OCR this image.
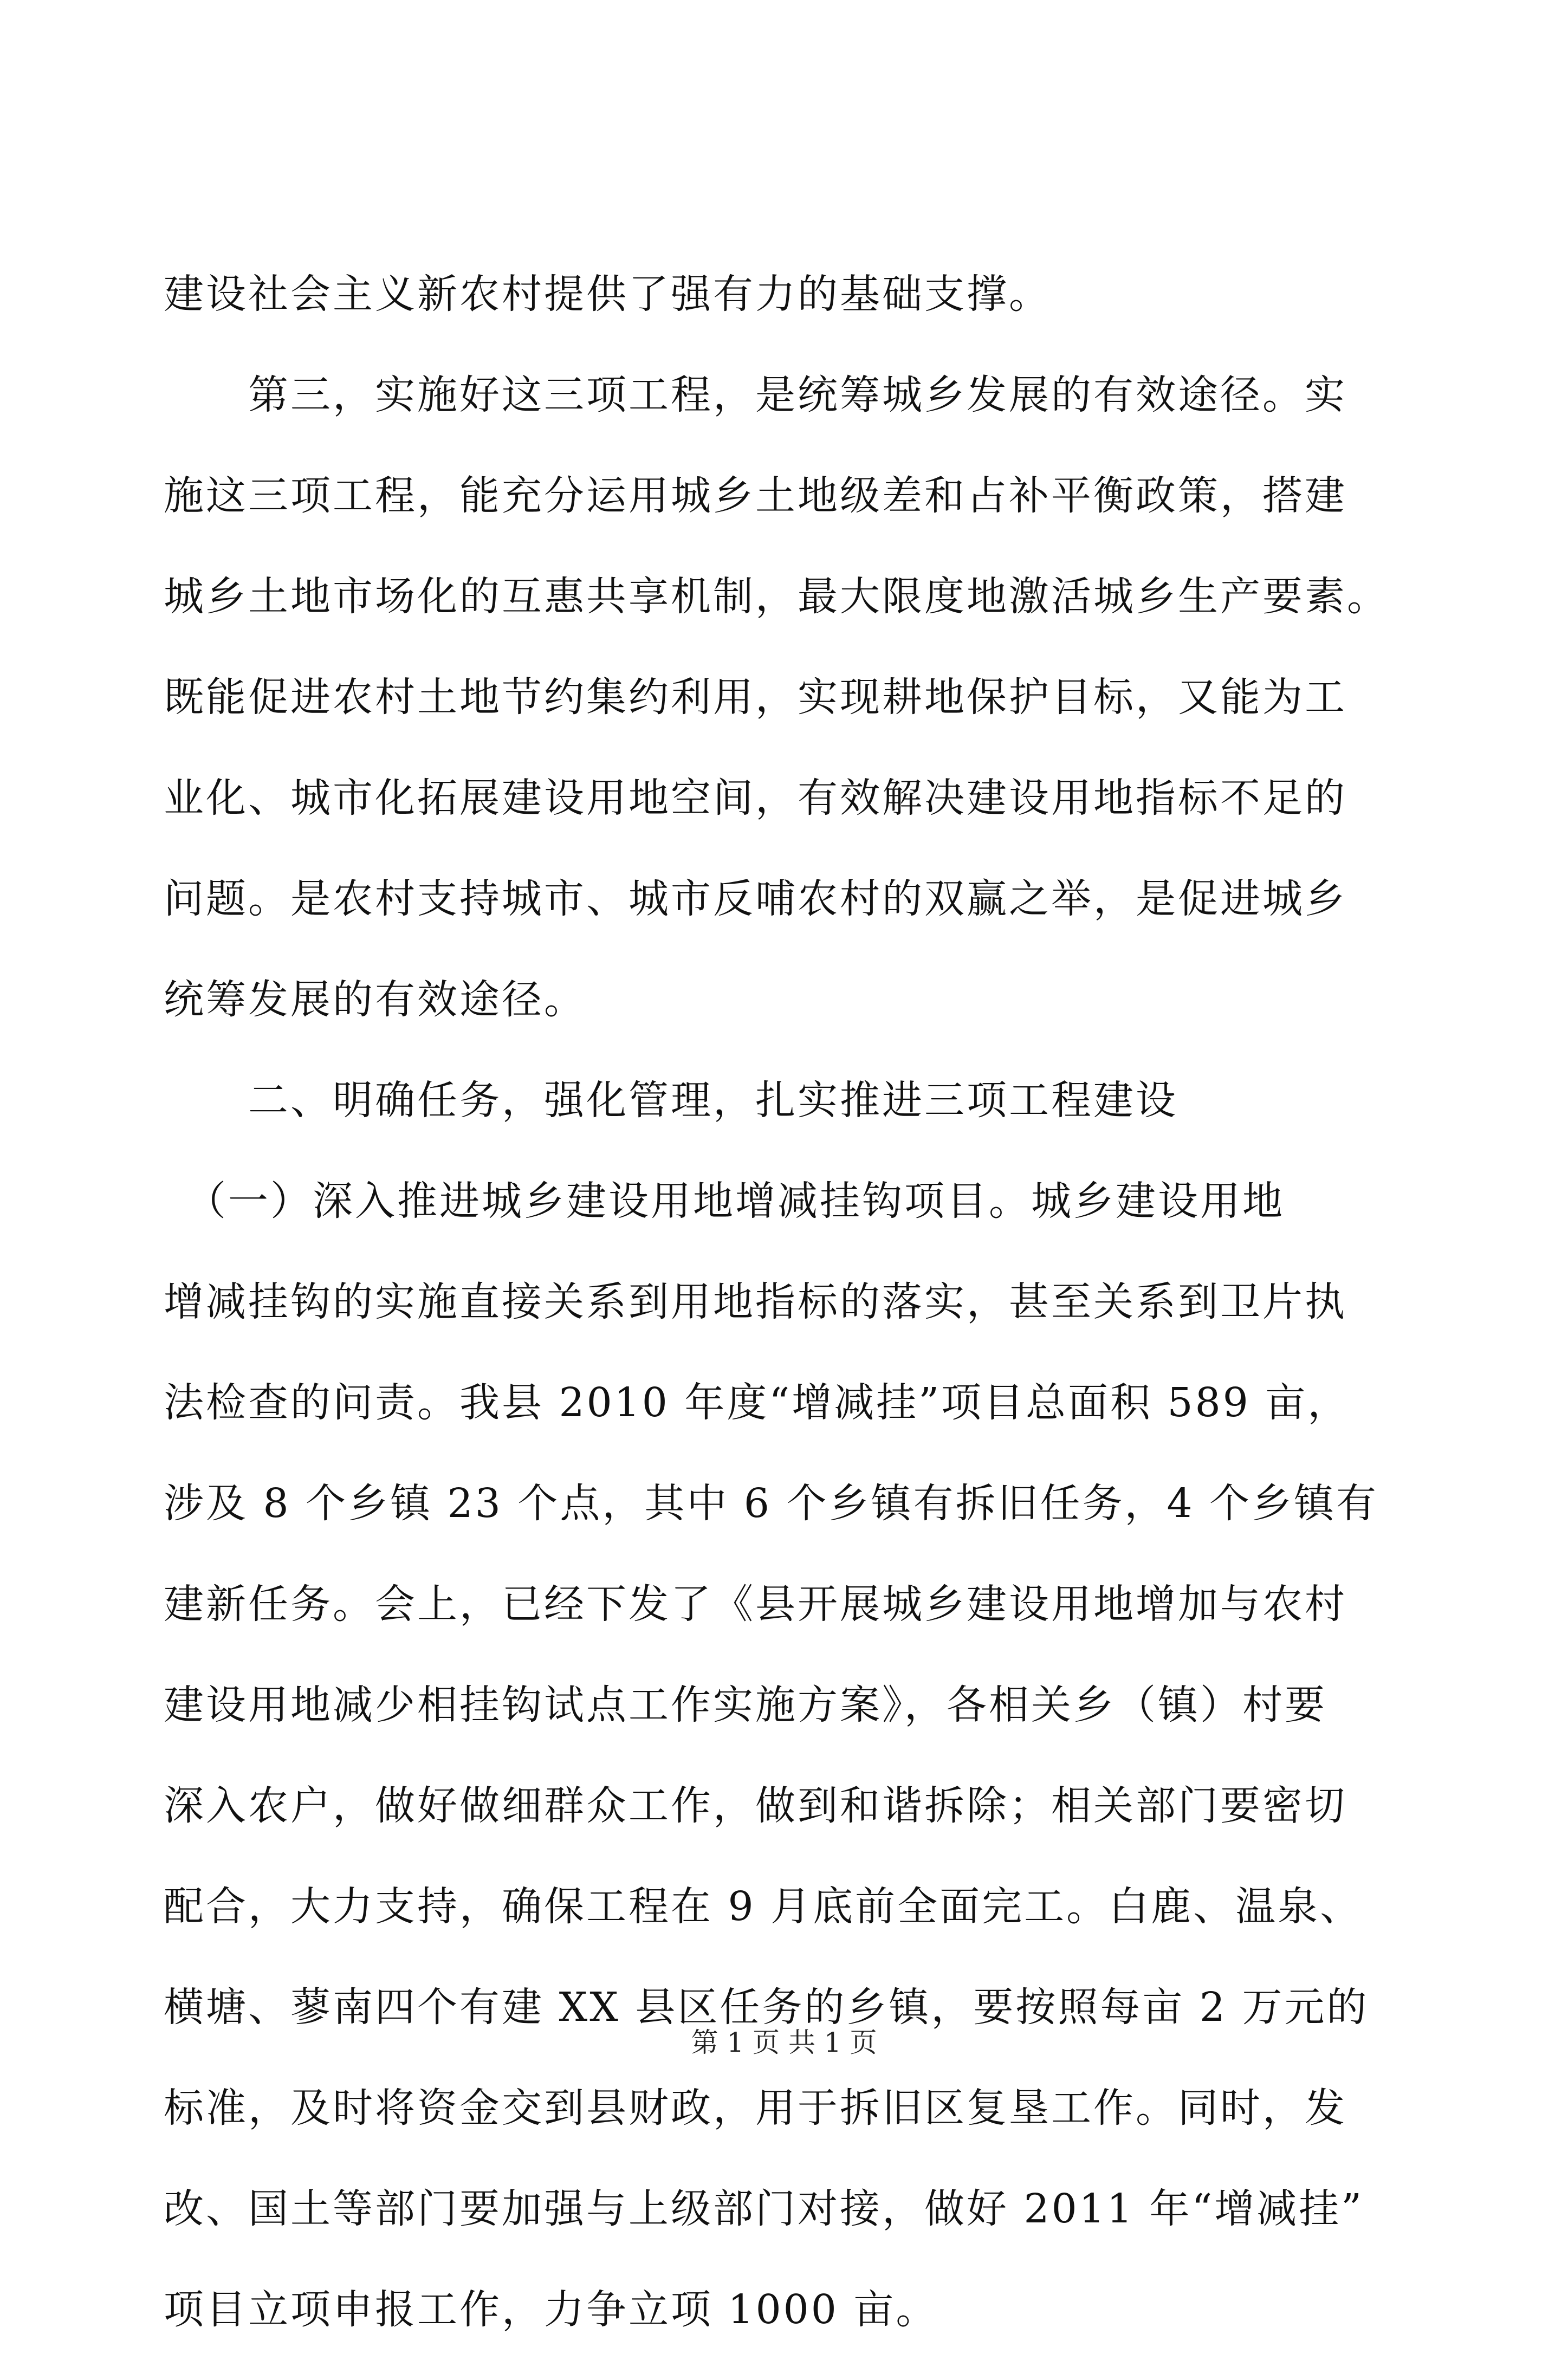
建设社会主义新农村提供了强有力的基础支撑。
　　第三，实施好这三项工程，是统筹城乡发展的有效途径。实
施这三项工程，能充分运用城乡土地级差和占补平衡政策，搭建
城乡土地市场化的互惠共享机制，最大限度地激活城乡生产要素。
既能促进农村土地节约集约利用，实现耕地保护目标，又能为工
业化、城市化拓展建设用地空间，有效解决建设用地指标不足的
问题。是农村支持城市、城市反哺农村的双赢之举，是促进城乡
统筹发展的有效途径。
　　二、明确任务，强化管理，扎实推进三项工程建设
　（一）深入推进城乡建设用地增减挂钩项目。城乡建设用地
增减挂钩的实施直接关系到用地指标的落实，甚至关系到卫片执
法检查的问责。我县 2010 年度“增减挂”项目总面积 589 亩，
涉及 8 个乡镇 23 个点，其中 6 个乡镇有拆旧任务，4 个乡镇有
建新任务。会上，已经下发了《县开展城乡建设用地增加与农村
建设用地减少相挂钩试点工作实施方案》，各相关乡（镇）村要
深入农户，做好做细群众工作，做到和谐拆除；相关部门要密切
配合，大力支持，确保工程在 9 月底前全面完工。白鹿、温泉、
横塘、蓼南四个有建 XX 县区任务的乡镇，要按照每亩 2 万元的
标准，及时将资金交到县财政，用于拆旧区复垦工作。同时，发
改、国土等部门要加强与上级部门对接，做好 2011 年“增减挂”
项目立项申报工作，力争立项 1000 亩。
第 1 页 共 1 页
